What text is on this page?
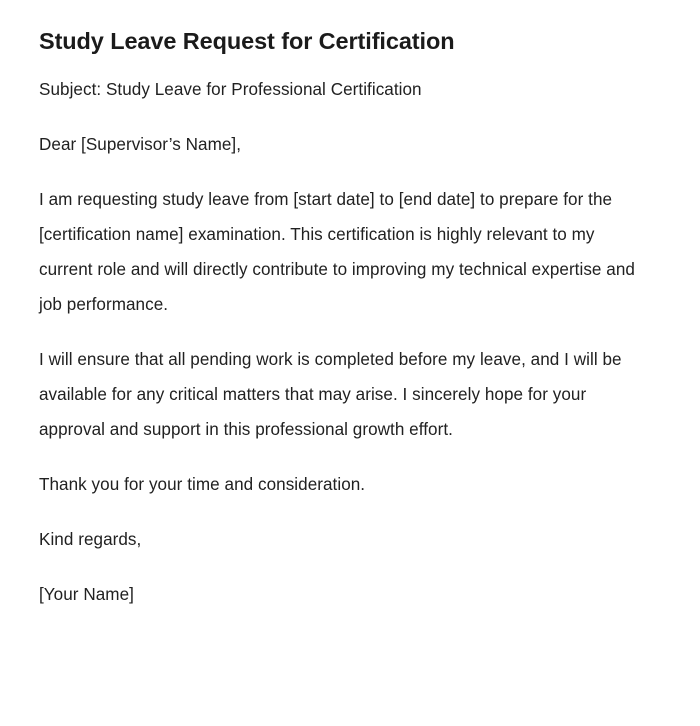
Study Leave Request for Certification

Subject: Study Leave for Professional Certification

Dear [Supervisor’s Name],

I am requesting study leave from [start date] to [end date] to prepare for the [certification name] examination. This certification is highly relevant to my current role and will directly contribute to improving my technical expertise and job performance.

I will ensure that all pending work is completed before my leave, and I will be available for any critical matters that may arise. I sincerely hope for your approval and support in this professional growth effort.

Thank you for your time and consideration.

Kind regards,

[Your Name]
